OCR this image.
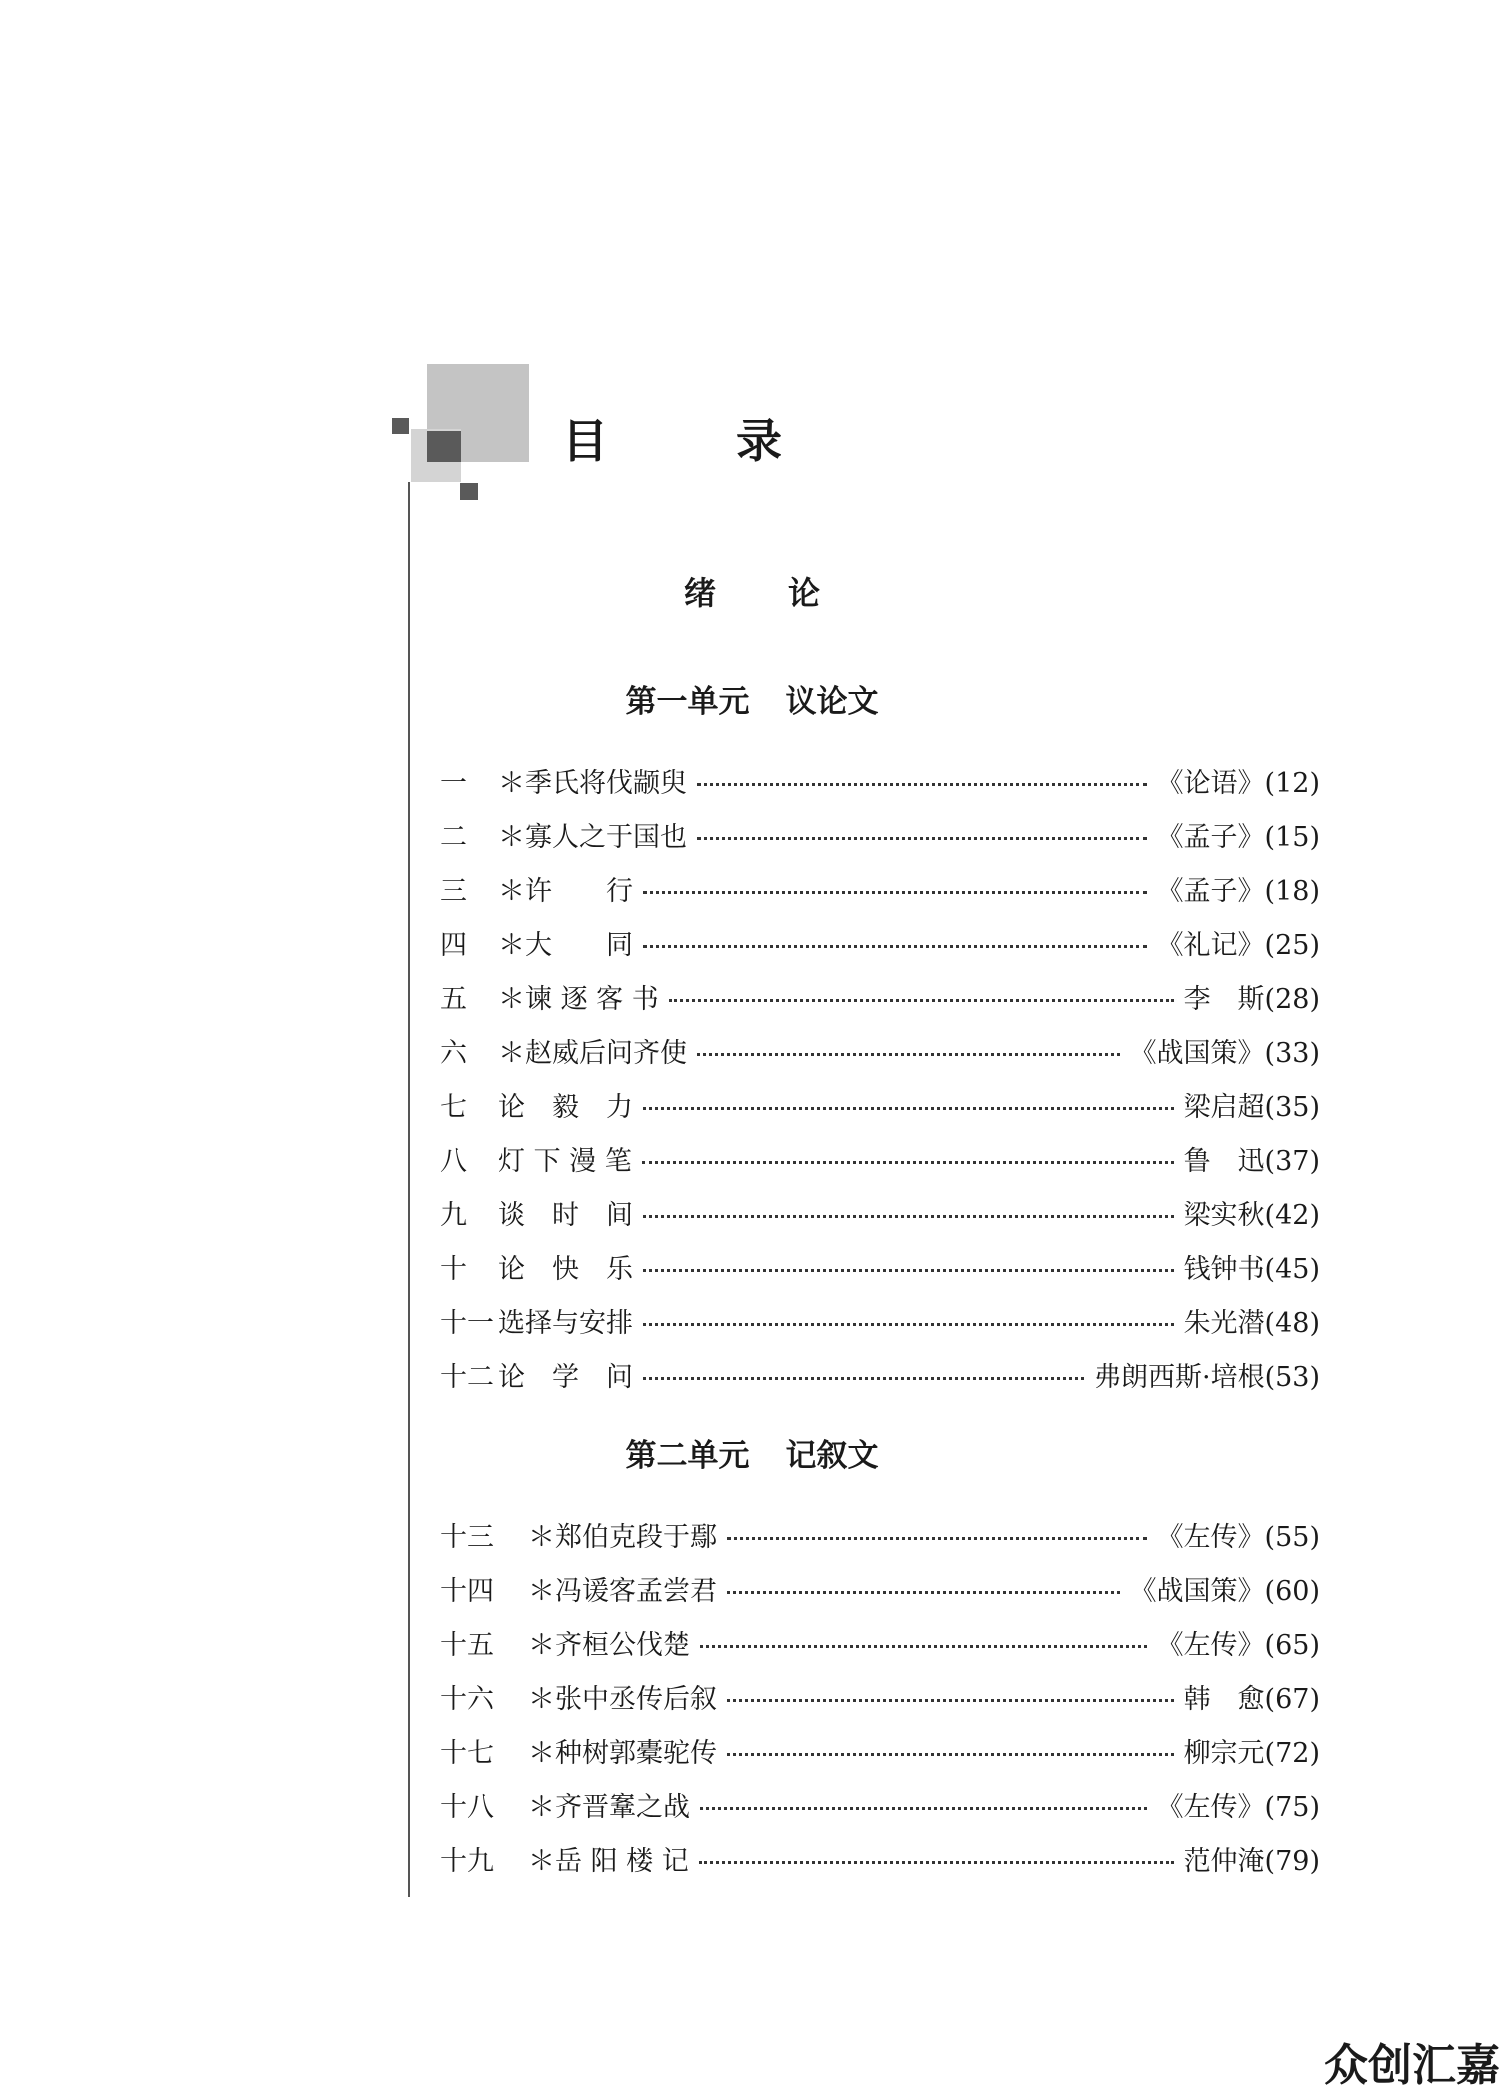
目	录
绪 论
第一单元 议论文
一	＊季氏将伐颛臾	《论语》(12)
二	＊寡人之于国也	《孟子》(15)
三	＊许　　行	《孟子》(18)
四	＊大　　同	《礼记》(25)
五	＊谏 逐 客 书	李　斯(28)
六	＊赵威后问齐使	《战国策》(33)
七	论　毅　力	梁启超(35)
八	灯 下 漫 笔	鲁　迅(37)
九	谈　时　间	梁实秋(42)
十	论　快　乐	钱钟书(45)
十一 选择与安排	朱光潜(48)
十二 论　学　问	弗朗西斯·培根(53)
第二单元 记叙文
十三	＊郑伯克段于鄢	《左传》(55)
十四	＊冯谖客孟尝君	《战国策》(60)
十五	＊齐桓公伐楚	《左传》(65)
十六	＊张中丞传后叙	韩　愈(67)
十七	＊种树郭橐驼传	柳宗元(72)
十八	＊齐晋鞌之战	《左传》(75)
十九	＊岳 阳 楼 记	范仲淹(79)
众创汇嘉
